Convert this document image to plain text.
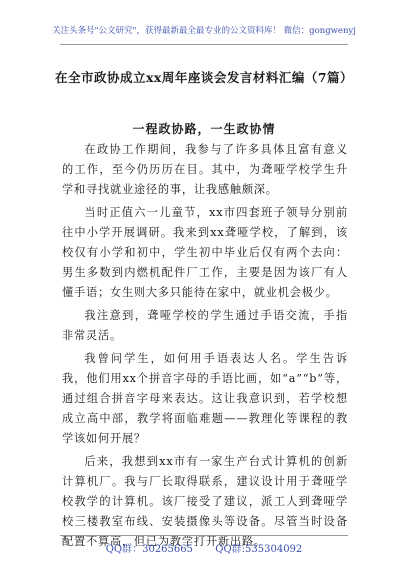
关注头条号"公文研究"，获得最新最全最专业的公文资料库！ 微信：gongwenyj
在全市政协成立xx周年座谈会发言材料汇编（7篇）
一程政协路，一生政协情

在政协工作期间，我参与了许多具体且富有意义的工作，至今仍历历在目。其中，为聋哑学校学生升学和寻找就业途径的事，让我感触颇深。

当时正值六一儿童节，xx市四套班子领导分别前往中小学开展调研。我来到xx聋哑学校，了解到，该校仅有小学和初中，学生初中毕业后仅有两个去向：男生多数到内燃机配件厂工作，主要是因为该厂有人懂手语；女生则大多只能待在家中，就业机会极少。

我注意到，聋哑学校的学生通过手语交流，手指非常灵活。

我曾问学生，如何用手语表达人名。学生告诉我，他们用xx个拼音字母的手语比画，如“a”“b”等，通过组合拼音字母来表达。这让我意识到，若学校想成立高中部，教学将面临难题——教理化等课程的教学该如何开展？

后来，我想到xx市有一家生产台式计算机的创新计算机厂。我与厂长取得联系，建议设计用于聋哑学校教学的计算机。该厂接受了建议，派工人到聋哑学校三楼教室布线、安装摄像头等设备。尽管当时设备配置不算高，但已为教学打开新出路。

QQ群：30265665       QQ群:535304092
